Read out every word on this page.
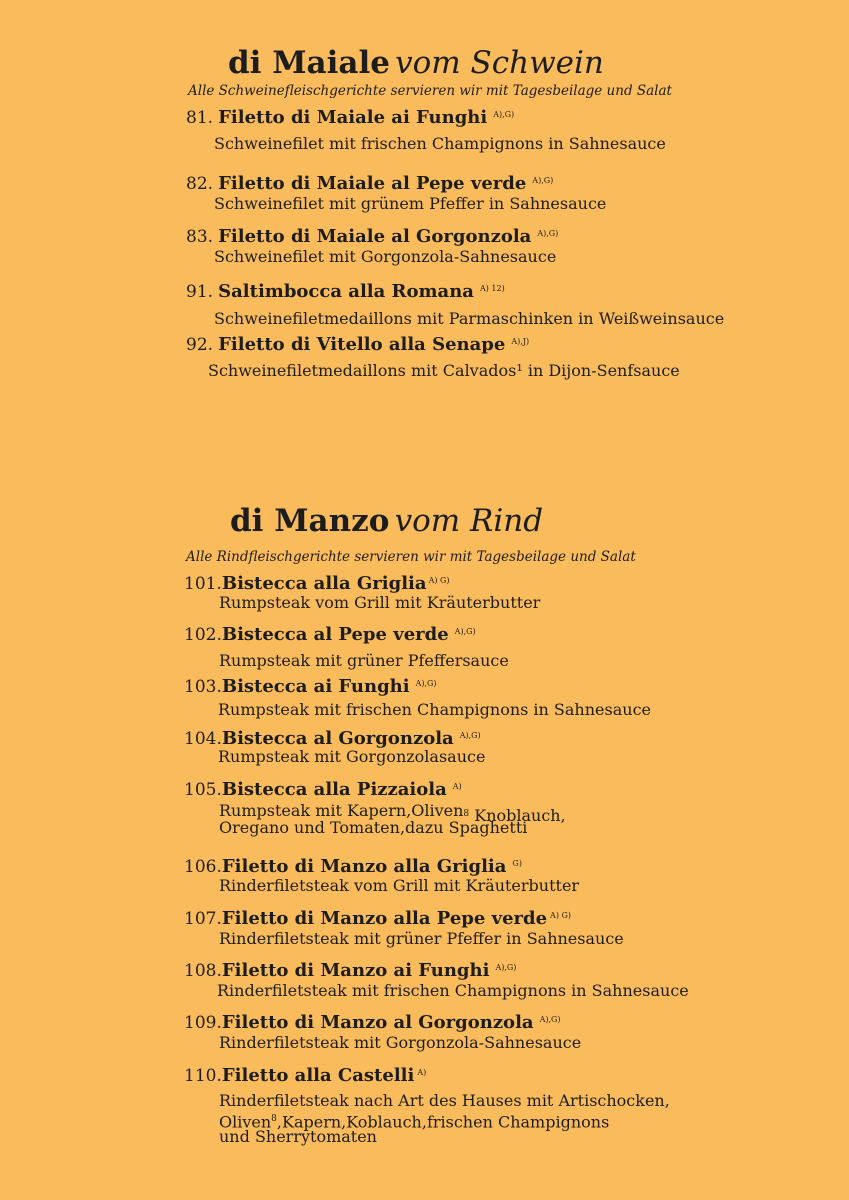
di Maiale vom Schwein
Alle Schweinefleischgerichte servieren wir mit Tagesbeilage und Salat
81. Filetto di Maiale ai Funghi $^{A),G)}$
Schweinefilet mit frischen Champignons in Sahnesauce
82. Filetto di Maiale al Pepe verde $^{A),G)}$
Schweinefilet mit grünem Pfeffer in Sahnesauce
83. Filetto di Maiale al Gorgonzola $^{A),G)}$
Schweinefilet mit Gorgonzola-Sahnesauce
91. Saltimbocca alla Romana $^{A) 12)}$
Schweinefiletmedaillons mit Parmaschinken in Weißweinsauce
92. Filetto di Vitello alla Senape $^{A),J)}$
Schweinefiletmedaillons mit Calvados¹ in Dijon-Senfsauce
di Manzo vom Rind
Alle Rindfleischgerichte servieren wir mit Tagesbeilage und Salat
101.Bistecca alla Griglia $^{A) G)}$
Rumpsteak vom Grill mit Kräuterbutter
102.Bistecca al Pepe verde $^{A),G)}$
Rumpsteak mit grüner Pfeffersauce
103.Bistecca ai Funghi $^{A),G)}$
Rumpsteak mit frischen Champignons in Sahnesauce
104.Bistecca al Gorgonzola $^{A),G)}$
Rumpsteak mit Gorgonzolasauce
105.Bistecca alla Pizzaiola $^{A)}$
Rumpsteak mit Kapern,Oliven8 Knoblauch,
Oregano und Tomaten,dazu Spaghetti
106.Filetto di Manzo alla Griglia $^{G)}$
Rinderfiletsteak vom Grill mit Kräuterbutter
107.Filetto di Manzo alla Pepe verde $^{A) G)}$
Rinderfiletsteak mit grüner Pfeffer in Sahnesauce
108.Filetto di Manzo ai Funghi $^{A),G)}$
Rinderfiletsteak mit frischen Champignons in Sahnesauce
109.Filetto di Manzo al Gorgonzola $^{A),G)}$
Rinderfiletsteak mit Gorgonzola-Sahnesauce
110.Filetto alla Castelli $^{A)}$
Rinderfiletsteak nach Art des Hauses mit Artischocken,
Oliven$^8$,Kapern,Koblauch,frischen Champignons
und Sherrytomaten
